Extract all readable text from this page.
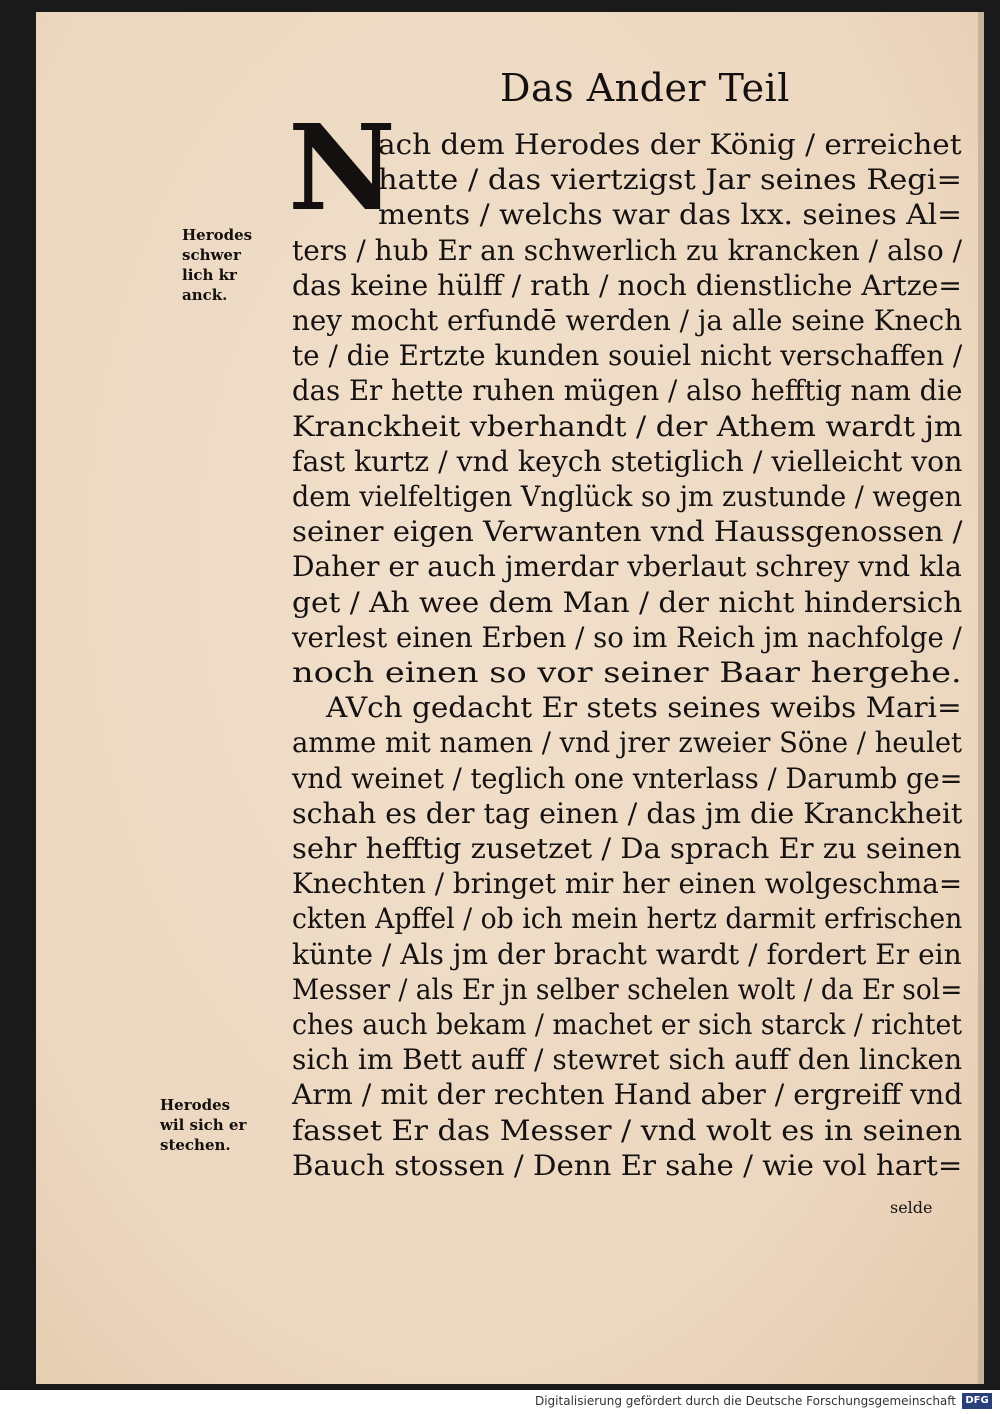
Das Ander Teil
N
ach dem Herodes der König / erreichet
hatte / das viertzigst Jar seines Regi=
ments / welchs war das lxx. seines Al=
ters / hub Er an schwerlich zu krancken / also /
das keine hülff / rath / noch dienstliche Artze=
ney mocht erfundē werden / ja alle seine Knech
te / die Ertzte kunden souiel nicht verschaffen /
das Er hette ruhen mügen / also hefftig nam die
Kranckheit vberhandt / der Athem wardt jm
fast kurtz / vnd keych stetiglich / vielleicht von
dem vielfeltigen Vnglück so jm zustunde / wegen
seiner eigen Verwanten vnd Haussgenossen /
Daher er auch jmerdar vberlaut schrey vnd kla
get / Ah wee dem Man / der nicht hindersich
verlest einen Erben / so im Reich jm nachfolge /
noch einen so vor seiner Baar hergehe.
AVch gedacht Er stets seines weibs Mari=
amme mit namen / vnd jrer zweier Söne / heulet
vnd weinet / teglich one vnterlass / Darumb ge=
schah es der tag einen / das jm die Kranckheit
sehr hefftig zusetzet / Da sprach Er zu seinen
Knechten / bringet mir her einen wolgeschma=
ckten Apffel / ob ich mein hertz darmit erfrischen
künte / Als jm der bracht wardt / fordert Er ein
Messer / als Er jn selber schelen wolt / da Er sol=
ches auch bekam / machet er sich starck / richtet
sich im Bett auff / stewret sich auff den lincken
Arm / mit der rechten Hand aber / ergreiff vnd
fasset Er das Messer / vnd wolt es in seinen
Bauch stossen / Denn Er sahe / wie vol hart=
Herodes
schwer
lich kr
anck.
Herodes
wil sich er
stechen.
selde
Digitalisierung gefördert durch die Deutsche Forschungsgemeinschaft DFG
